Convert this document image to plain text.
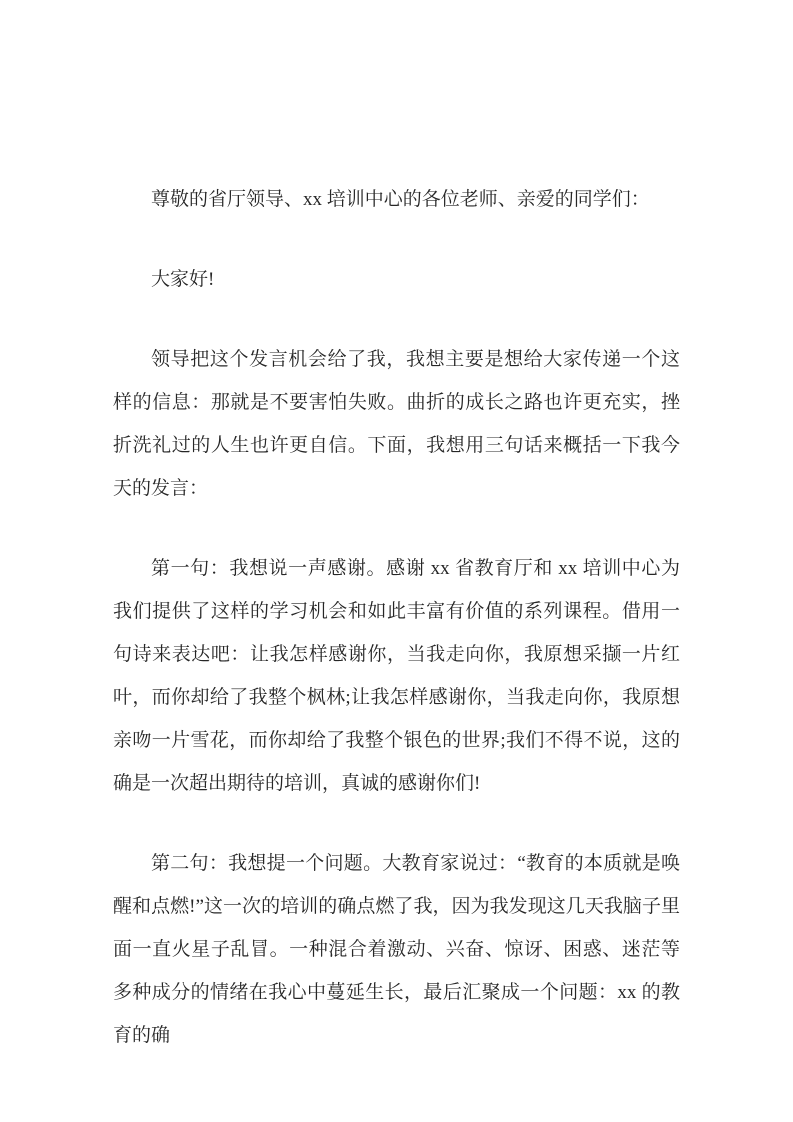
尊敬的省厅领导、xx 培训中心的各位老师、亲爱的同学们：

大家好!

领导把这个发言机会给了我，我想主要是想给大家传递一个这样的信息：那就是不要害怕失败。曲折的成长之路也许更充实，挫折洗礼过的人生也许更自信。下面，我想用三句话来概括一下我今天的发言：

第一句：我想说一声感谢。感谢 xx 省教育厅和 xx 培训中心为我们提供了这样的学习机会和如此丰富有价值的系列课程。借用一句诗来表达吧：让我怎样感谢你，当我走向你，我原想采撷一片红叶，而你却给了我整个枫林;让我怎样感谢你，当我走向你，我原想亲吻一片雪花，而你却给了我整个银色的世界;我们不得不说，这的确是一次超出期待的培训，真诚的感谢你们!

第二句：我想提一个问题。大教育家说过：“教育的本质就是唤醒和点燃!”这一次的培训的确点燃了我，因为我发现这几天我脑子里面一直火星子乱冒。一种混合着激动、兴奋、惊讶、困惑、迷茫等多种成分的情绪在我心中蔓延生长，最后汇聚成一个问题：xx 的教育的确
